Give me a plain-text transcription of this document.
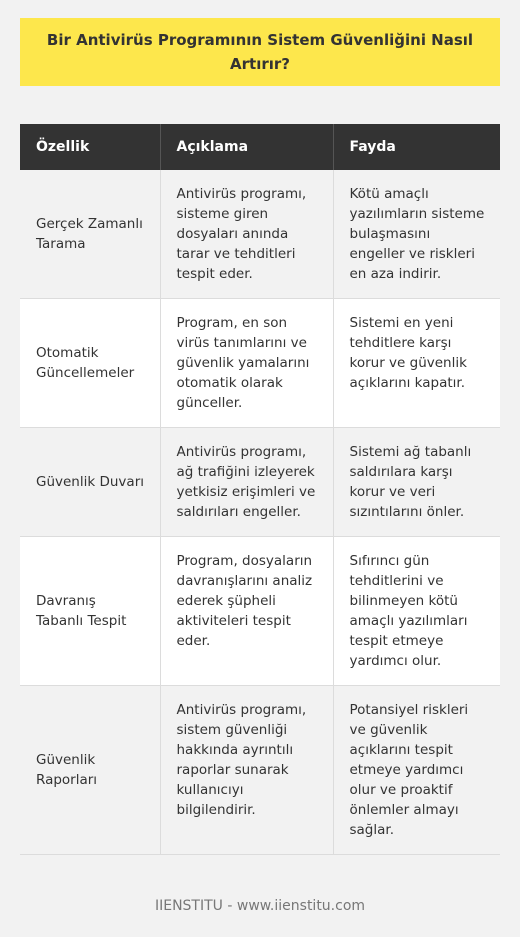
Bir Antivirüs Programının Sistem Güvenliğini Nasıl Artırır?
Özellik	Açıklama	Fayda
Gerçek Zamanlı Tarama	Antivirüs programı, sisteme giren dosyaları anında tarar ve tehditleri tespit eder.	Kötü amaçlı yazılımların sisteme bulaşmasını engeller ve riskleri en aza indirir.
Otomatik Güncellemeler	Program, en son virüs tanımlarını ve güvenlik yamalarını otomatik olarak günceller.	Sistemi en yeni tehditlere karşı korur ve güvenlik açıklarını kapatır.
Güvenlik Duvarı	Antivirüs programı, ağ trafiğini izleyerek yetkisiz erişimleri ve saldırıları engeller.	Sistemi ağ tabanlı saldırılara karşı korur ve veri sızıntılarını önler.
Davranış Tabanlı Tespit	Program, dosyaların davranışlarını analiz ederek şüpheli aktiviteleri tespit eder.	Sıfırıncı gün tehditlerini ve bilinmeyen kötü amaçlı yazılımları tespit etmeye yardımcı olur.
Güvenlik Raporları	Antivirüs programı, sistem güvenliği hakkında ayrıntılı raporlar sunarak kullanıcıyı bilgilendirir.	Potansiyel riskleri ve güvenlik açıklarını tespit etmeye yardımcı olur ve proaktif önlemler almayı sağlar.
IIENSTITU - www.iienstitu.com
